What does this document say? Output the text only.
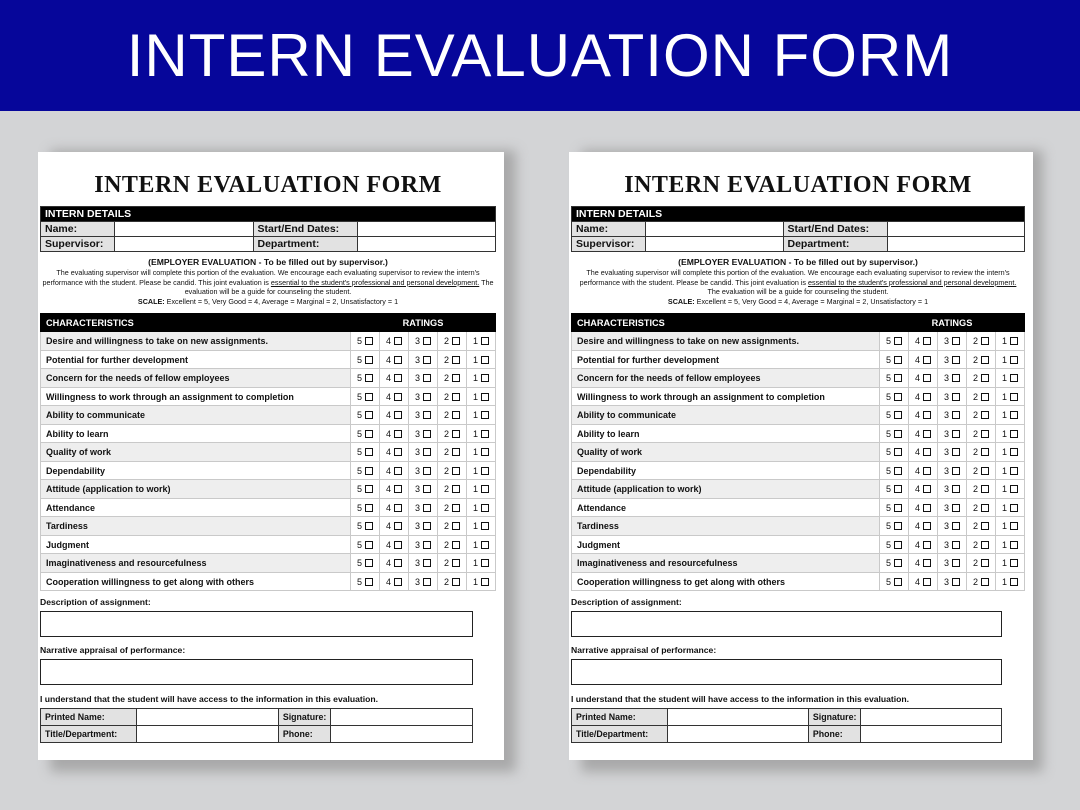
INTERN EVALUATION FORM
INTERN EVALUATION FORM
INTERN DETAILS			
Name:		Start/End Dates:	
Supervisor:		Department:	
(EMPLOYER EVALUATION - To be filled out by supervisor.)
The evaluating supervisor will complete this portion of the evaluation. We encourage each evaluating supervisor to review the intern's performance with the student. Please be candid. This joint evaluation is essential to the student's professional and personal development. The evaluation will be a guide for counseling the student.
SCALE: Excellent = 5, Very Good = 4, Average = Marginal = 2, Unsatisfactory = 1
CHARACTERISTICS	RATINGS				
Desire and willingness to take on new assignments.	5	4	3	2	1
Potential for further development	5	4	3	2	1
Concern for the needs of fellow employees	5	4	3	2	1
Willingness to work through an assignment to completion	5	4	3	2	1
Ability to communicate	5	4	3	2	1
Ability to learn	5	4	3	2	1
Quality of work	5	4	3	2	1
Dependability	5	4	3	2	1
Attitude (application to work)	5	4	3	2	1
Attendance	5	4	3	2	1
Tardiness	5	4	3	2	1
Judgment	5	4	3	2	1
Imaginativeness and resourcefulness	5	4	3	2	1
Cooperation willingness to get along with others	5	4	3	2	1
Description of assignment:
Narrative appraisal of performance:
I understand that the student will have access to the information in this evaluation.
Printed Name:		Signature:	
Title/Department:		Phone:	
INTERN EVALUATION FORM
INTERN DETAILS			
Name:		Start/End Dates:	
Supervisor:		Department:	
(EMPLOYER EVALUATION - To be filled out by supervisor.)
The evaluating supervisor will complete this portion of the evaluation. We encourage each evaluating supervisor to review the intern's performance with the student. Please be candid. This joint evaluation is essential to the student's professional and personal development. The evaluation will be a guide for counseling the student.
SCALE: Excellent = 5, Very Good = 4, Average = Marginal = 2, Unsatisfactory = 1
CHARACTERISTICS	RATINGS				
Desire and willingness to take on new assignments.	5	4	3	2	1
Potential for further development	5	4	3	2	1
Concern for the needs of fellow employees	5	4	3	2	1
Willingness to work through an assignment to completion	5	4	3	2	1
Ability to communicate	5	4	3	2	1
Ability to learn	5	4	3	2	1
Quality of work	5	4	3	2	1
Dependability	5	4	3	2	1
Attitude (application to work)	5	4	3	2	1
Attendance	5	4	3	2	1
Tardiness	5	4	3	2	1
Judgment	5	4	3	2	1
Imaginativeness and resourcefulness	5	4	3	2	1
Cooperation willingness to get along with others	5	4	3	2	1
Description of assignment:
Narrative appraisal of performance:
I understand that the student will have access to the information in this evaluation.
Printed Name:		Signature:	
Title/Department:		Phone:	
